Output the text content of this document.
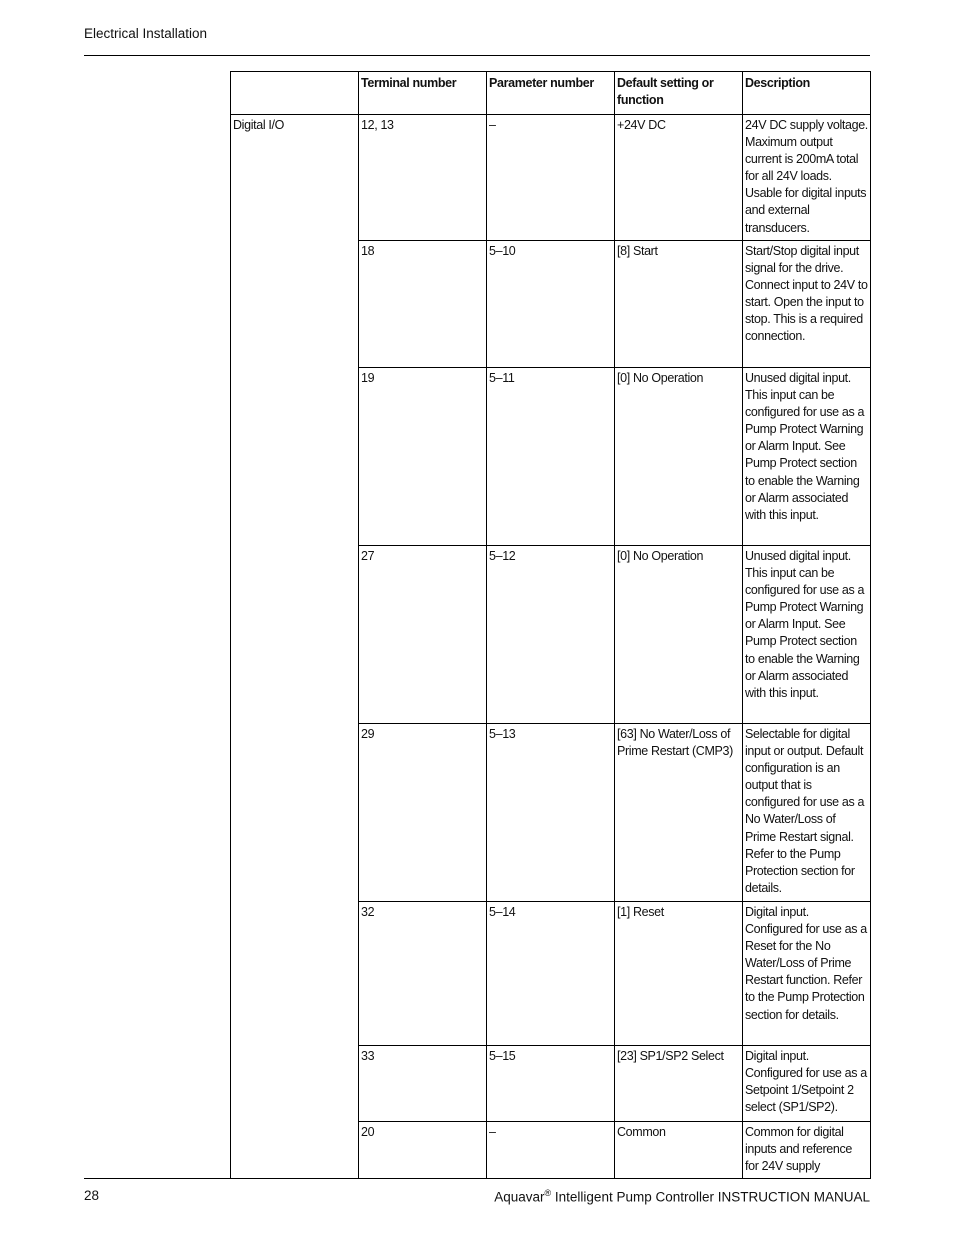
Electrical Installation
	Terminal number	Parameter number	Default setting or function	Description
Digital I/O	12, 13	–	+24V DC	24V DC supply voltage. Maximum output current is 200mA total for all 24V loads. Usable for digital inputs and external transducers.
	18	5–10	[8] Start	Start/Stop digital input signal for the drive. Connect input to 24V to start. Open the input to stop. This is a required connection.
	19	5–11	[0] No Operation	Unused digital input. This input can be configured for use as a Pump Protect Warning or Alarm Input. See Pump Protect section to enable the Warning or Alarm associated with this input.
	27	5–12	[0] No Operation	Unused digital input. This input can be configured for use as a Pump Protect Warning or Alarm Input. See Pump Protect section to enable the Warning or Alarm associated with this input.
	29	5–13	[63] No Water/Loss of Prime Restart (CMP3)	Selectable for digital input or output. Default configuration is an output that is configured for use as a No Water/Loss of Prime Restart signal. Refer to the Pump Protection section for details.
	32	5–14	[1] Reset	Digital input. Configured for use as a Reset for the No Water/Loss of Prime Restart function. Refer to the Pump Protection section for details.
	33	5–15	[23] SP1/SP2 Select	Digital input. Configured for use as a Setpoint 1/Setpoint 2 select (SP1/SP2).
	20	–	Common	Common for digital inputs and reference for 24V supply
28	Aquavar® Intelligent Pump Controller INSTRUCTION MANUAL
